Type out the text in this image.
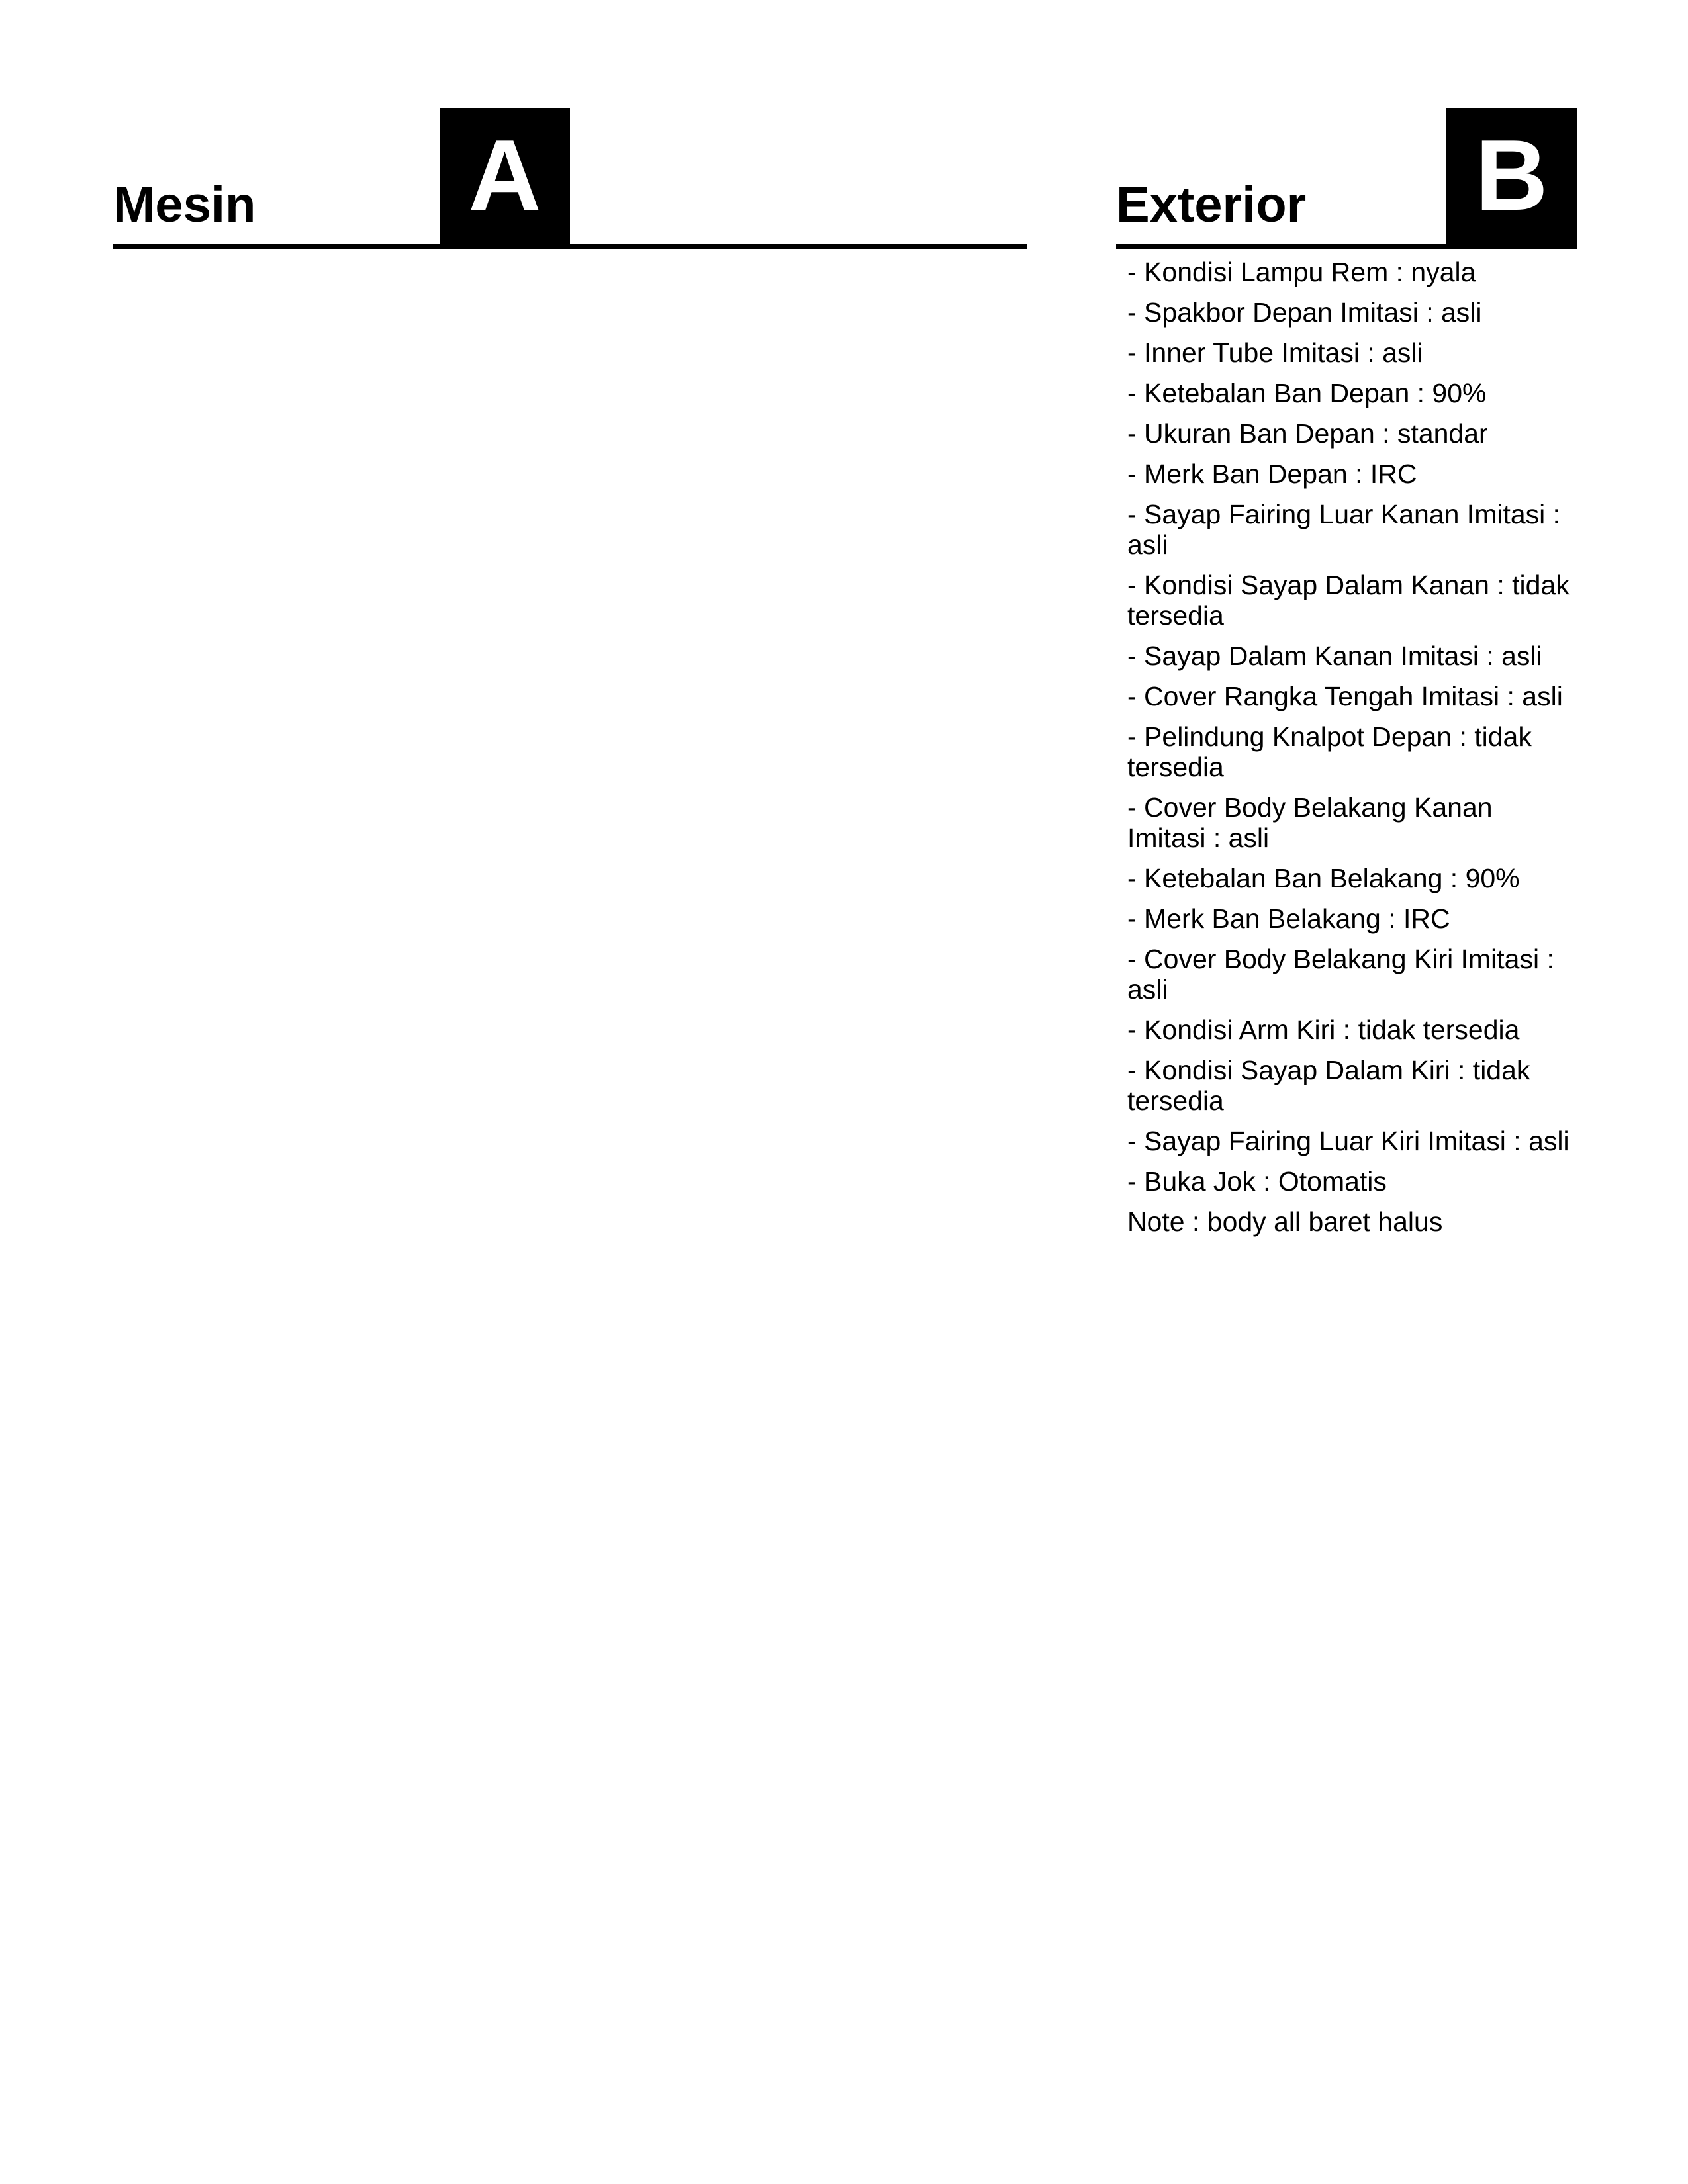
Mesin A	Exterior B
- Kondisi Lampu Rem : nyala
- Spakbor Depan Imitasi : asli
- Inner Tube Imitasi : asli
- Ketebalan Ban Depan : 90%
- Ukuran Ban Depan : standar
- Merk Ban Depan : IRC
- Sayap Fairing Luar Kanan Imitasi : asli
- Kondisi Sayap Dalam Kanan : tidak tersedia
- Sayap Dalam Kanan Imitasi : asli
- Cover Rangka Tengah Imitasi : asli
- Pelindung Knalpot Depan : tidak tersedia
- Cover Body Belakang Kanan Imitasi : asli
- Ketebalan Ban Belakang : 90%
- Merk Ban Belakang : IRC
- Cover Body Belakang Kiri Imitasi : asli
- Kondisi Arm Kiri : tidak tersedia
- Kondisi Sayap Dalam Kiri : tidak tersedia
- Sayap Fairing Luar Kiri Imitasi : asli
- Buka Jok : Otomatis
Note : body all baret halus
